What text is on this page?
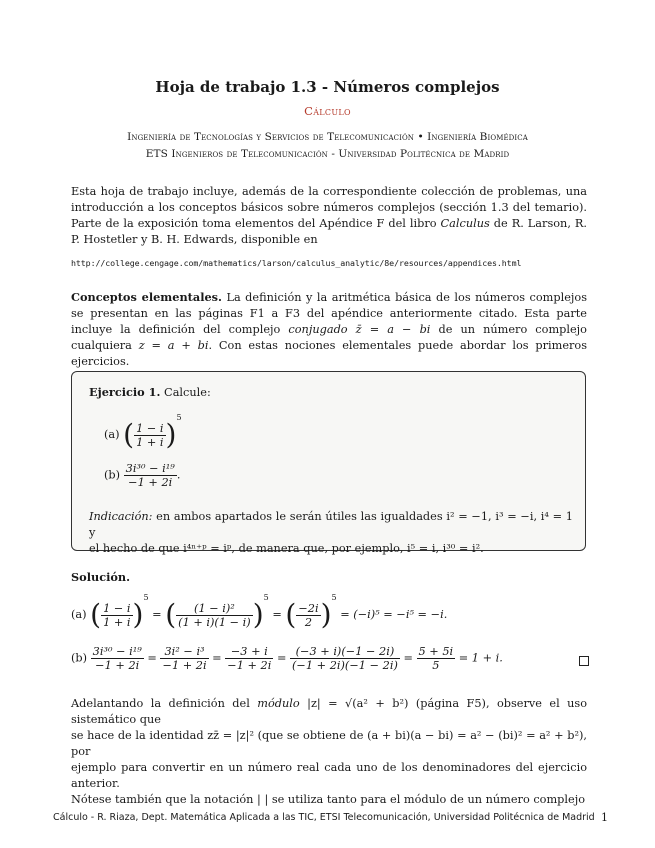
Hoja de trabajo 1.3 - Números complejos
Cálculo
Ingeniería de Tecnologías y Servicios de Telecomunicación • Ingeniería Biomédica
ETS Ingenieros de Telecomunicación - Universidad Politécnica de Madrid
Esta hoja de trabajo incluye, además de la correspondiente colección de problemas, una introducción a los conceptos básicos sobre números complejos (sección 1.3 del temario). Parte de la exposición toma elementos del Apéndice F del libro Calculus de R. Larson, R. P. Hostetler y B. H. Edwards, disponible en
http://college.cengage.com/mathematics/larson/calculus_analytic/8e/resources/appendices.html
Conceptos elementales. La definición y la aritmética básica de los números complejos se presentan en las páginas F1 a F3 del apéndice anteriormente citado. Esta parte incluye la definición del complejo conjugado z̄ = a − bi de un número complejo cualquiera z = a + bi. Con estas nociones elementales puede abordar los primeros ejercicios.
Ejercicio 1. Calcule:
(a) ( $\frac{1 - i}{1 + i} )^5$
$(b) \frac{\text{3i³⁰ − i¹⁹}}{-1 + 2i}$ .
Indicación: en ambos apartados le serán útiles las igualdades i² = −1, i³ = −i, i⁴ = 1 y
el hecho de que i⁴ⁿ⁺ᵖ = iᵖ, de manera que, por ejemplo, i⁵ = i, i³⁰ = i².
Solución.
(a) ( $\frac{1 - i}{1 + i} )^5$ = ( $\frac{\text{(1 − i)²}}{(1 + i)(1 - i)} )^5$ = ( $\frac{-2i}{2} )^5 = (-i)^5 = -i^5 = -i$.
$(b) \frac{\text{3i³⁰ − i¹⁹}}{-1 + 2i} = \frac{\text{3i² − i³}}{-1 + 2i} = \frac{-3 + i}{-1 + 2i} = \frac{(-3 + i)(-1 - 2i)}{(-1 + 2i)(-1 - 2i)} = \frac{5 + 5i}{5} = 1 + i$.
Adelantando la definición del módulo |z| = √(a² + b²) (página F5), observe el uso sistemático que
se hace de la identidad zz̄ = |z|² (que se obtiene de (a + bi)(a − bi) = a² − (bi)² = a² + b²), por
ejemplo para convertir en un número real cada uno de los denominadores del ejercicio anterior.
Nótese también que la notación | | se utiliza tanto para el módulo de un número complejo
Cálculo - R. Riaza, Dept. Matemática Aplicada a las TIC, ETSI Telecomunicación, Universidad Politécnica de Madrid 1
